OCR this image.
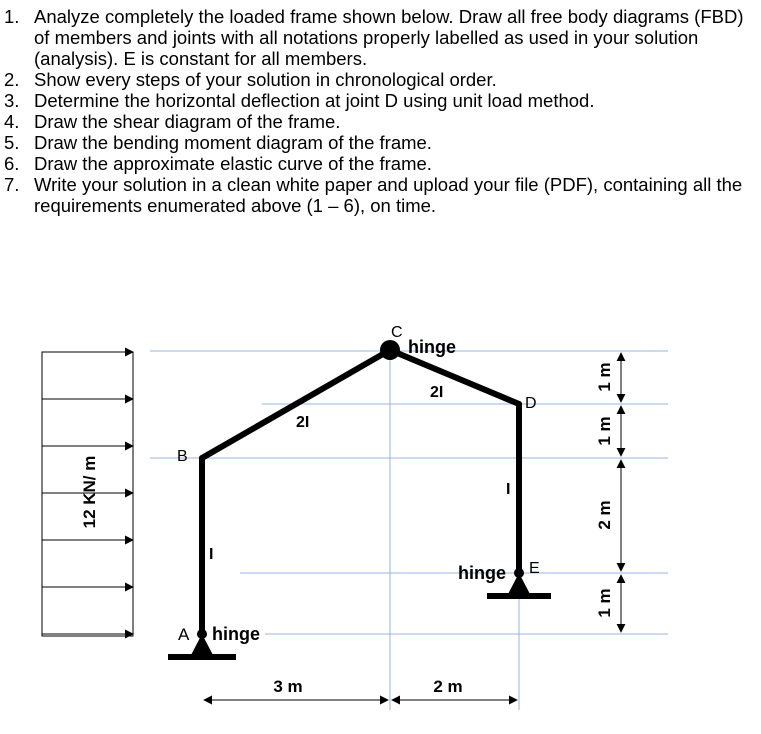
1. Analyze completely the loaded frame shown below. Draw all free body diagrams (FBD) of members and joints with all notations properly labelled as used in your solution (analysis). E is constant for all members.
2. Show every steps of your solution in chronological order.
3. Determine the horizontal deflection at joint D using unit load method.
4. Draw the shear diagram of the frame.
5. Draw the bending moment diagram of the frame.
6. Draw the approximate elastic curve of the frame.
7. Write your solution in a clean white paper and upload your file (PDF), containing all the requirements enumerated above (1 – 6), on time.
12 KN/ m	B
C
D
E
A
hinge
hinge
hinge
I
2I
2I
I
3 m	2 m
1 m
1 m
2 m
1 m
